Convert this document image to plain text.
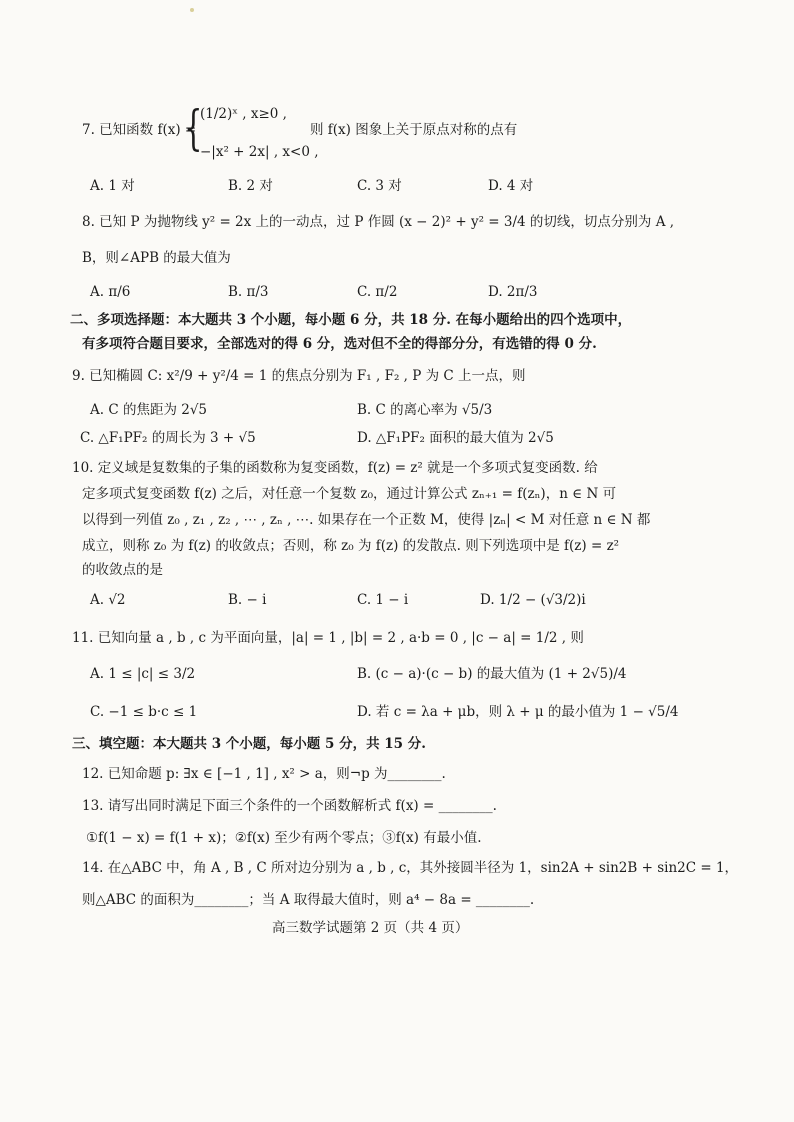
7. 已知函数 f(x) =
{
(1/2)ˣ , x≥0 ,
−|x² + 2x| , x<0 ,
则 f(x) 图象上关于原点对称的点有
A. 1 对	B. 2 对	C. 3 对	D. 4 对
8. 已知 P 为抛物线 y² = 2x 上的一动点，过 P 作圆 (x − 2)² + y² = 3/4 的切线，切点分别为 A ,
B，则∠APB 的最大值为
A. π/6	B. π/3	C. π/2	D. 2π/3
二、多项选择题：本大题共 3 个小题，每小题 6 分，共 18 分. 在每小题给出的四个选项中，
有多项符合题目要求，全部选对的得 6 分，选对但不全的得部分分，有选错的得 0 分.
9. 已知椭圆 C: x²/9 + y²/4 = 1 的焦点分别为 F₁ , F₂ , P 为 C 上一点，则
A. C 的焦距为 2√5	B. C 的离心率为 √5/3
C. △F₁PF₂ 的周长为 3 + √5	D. △F₁PF₂ 面积的最大值为 2√5
10. 定义域是复数集的子集的函数称为复变函数，f(z) = z² 就是一个多项式复变函数. 给
定多项式复变函数 f(z) 之后，对任意一个复数 z₀，通过计算公式 zₙ₊₁ = f(zₙ)，n ∈ N 可
以得到一列值 z₀ , z₁ , z₂ , ⋯ , zₙ , ⋯. 如果存在一个正数 M，使得 |zₙ| < M 对任意 n ∈ N 都
成立，则称 z₀ 为 f(z) 的收敛点；否则，称 z₀ 为 f(z) 的发散点. 则下列选项中是 f(z) = z²
的收敛点的是
A. √2	B. − i	C. 1 − i	D. 1/2 − (√3/2)i
11. 已知向量 a , b , c 为平面向量，|a| = 1 , |b| = 2 , a·b = 0 , |c − a| = 1/2 , 则
A. 1 ≤ |c| ≤ 3/2	B. (c − a)·(c − b) 的最大值为 (1 + 2√5)/4
C. −1 ≤ b·c ≤ 1	D. 若 c = λa + μb，则 λ + μ 的最小值为 1 − √5/4
三、填空题：本大题共 3 个小题，每小题 5 分，共 15 分.
12. 已知命题 p: ∃x ∈ [−1 , 1] , x² > a，则¬p 为________.
13. 请写出同时满足下面三个条件的一个函数解析式 f(x) = ________.
①f(1 − x) = f(1 + x)；②f(x) 至少有两个零点；③f(x) 有最小值.
14. 在△ABC 中，角 A , B , C 所对边分别为 a , b , c，其外接圆半径为 1，sin2A + sin2B + sin2C = 1，
则△ABC 的面积为________；当 A 取得最大值时，则 a⁴ − 8a = ________.
高三数学试题第 2 页（共 4 页）
